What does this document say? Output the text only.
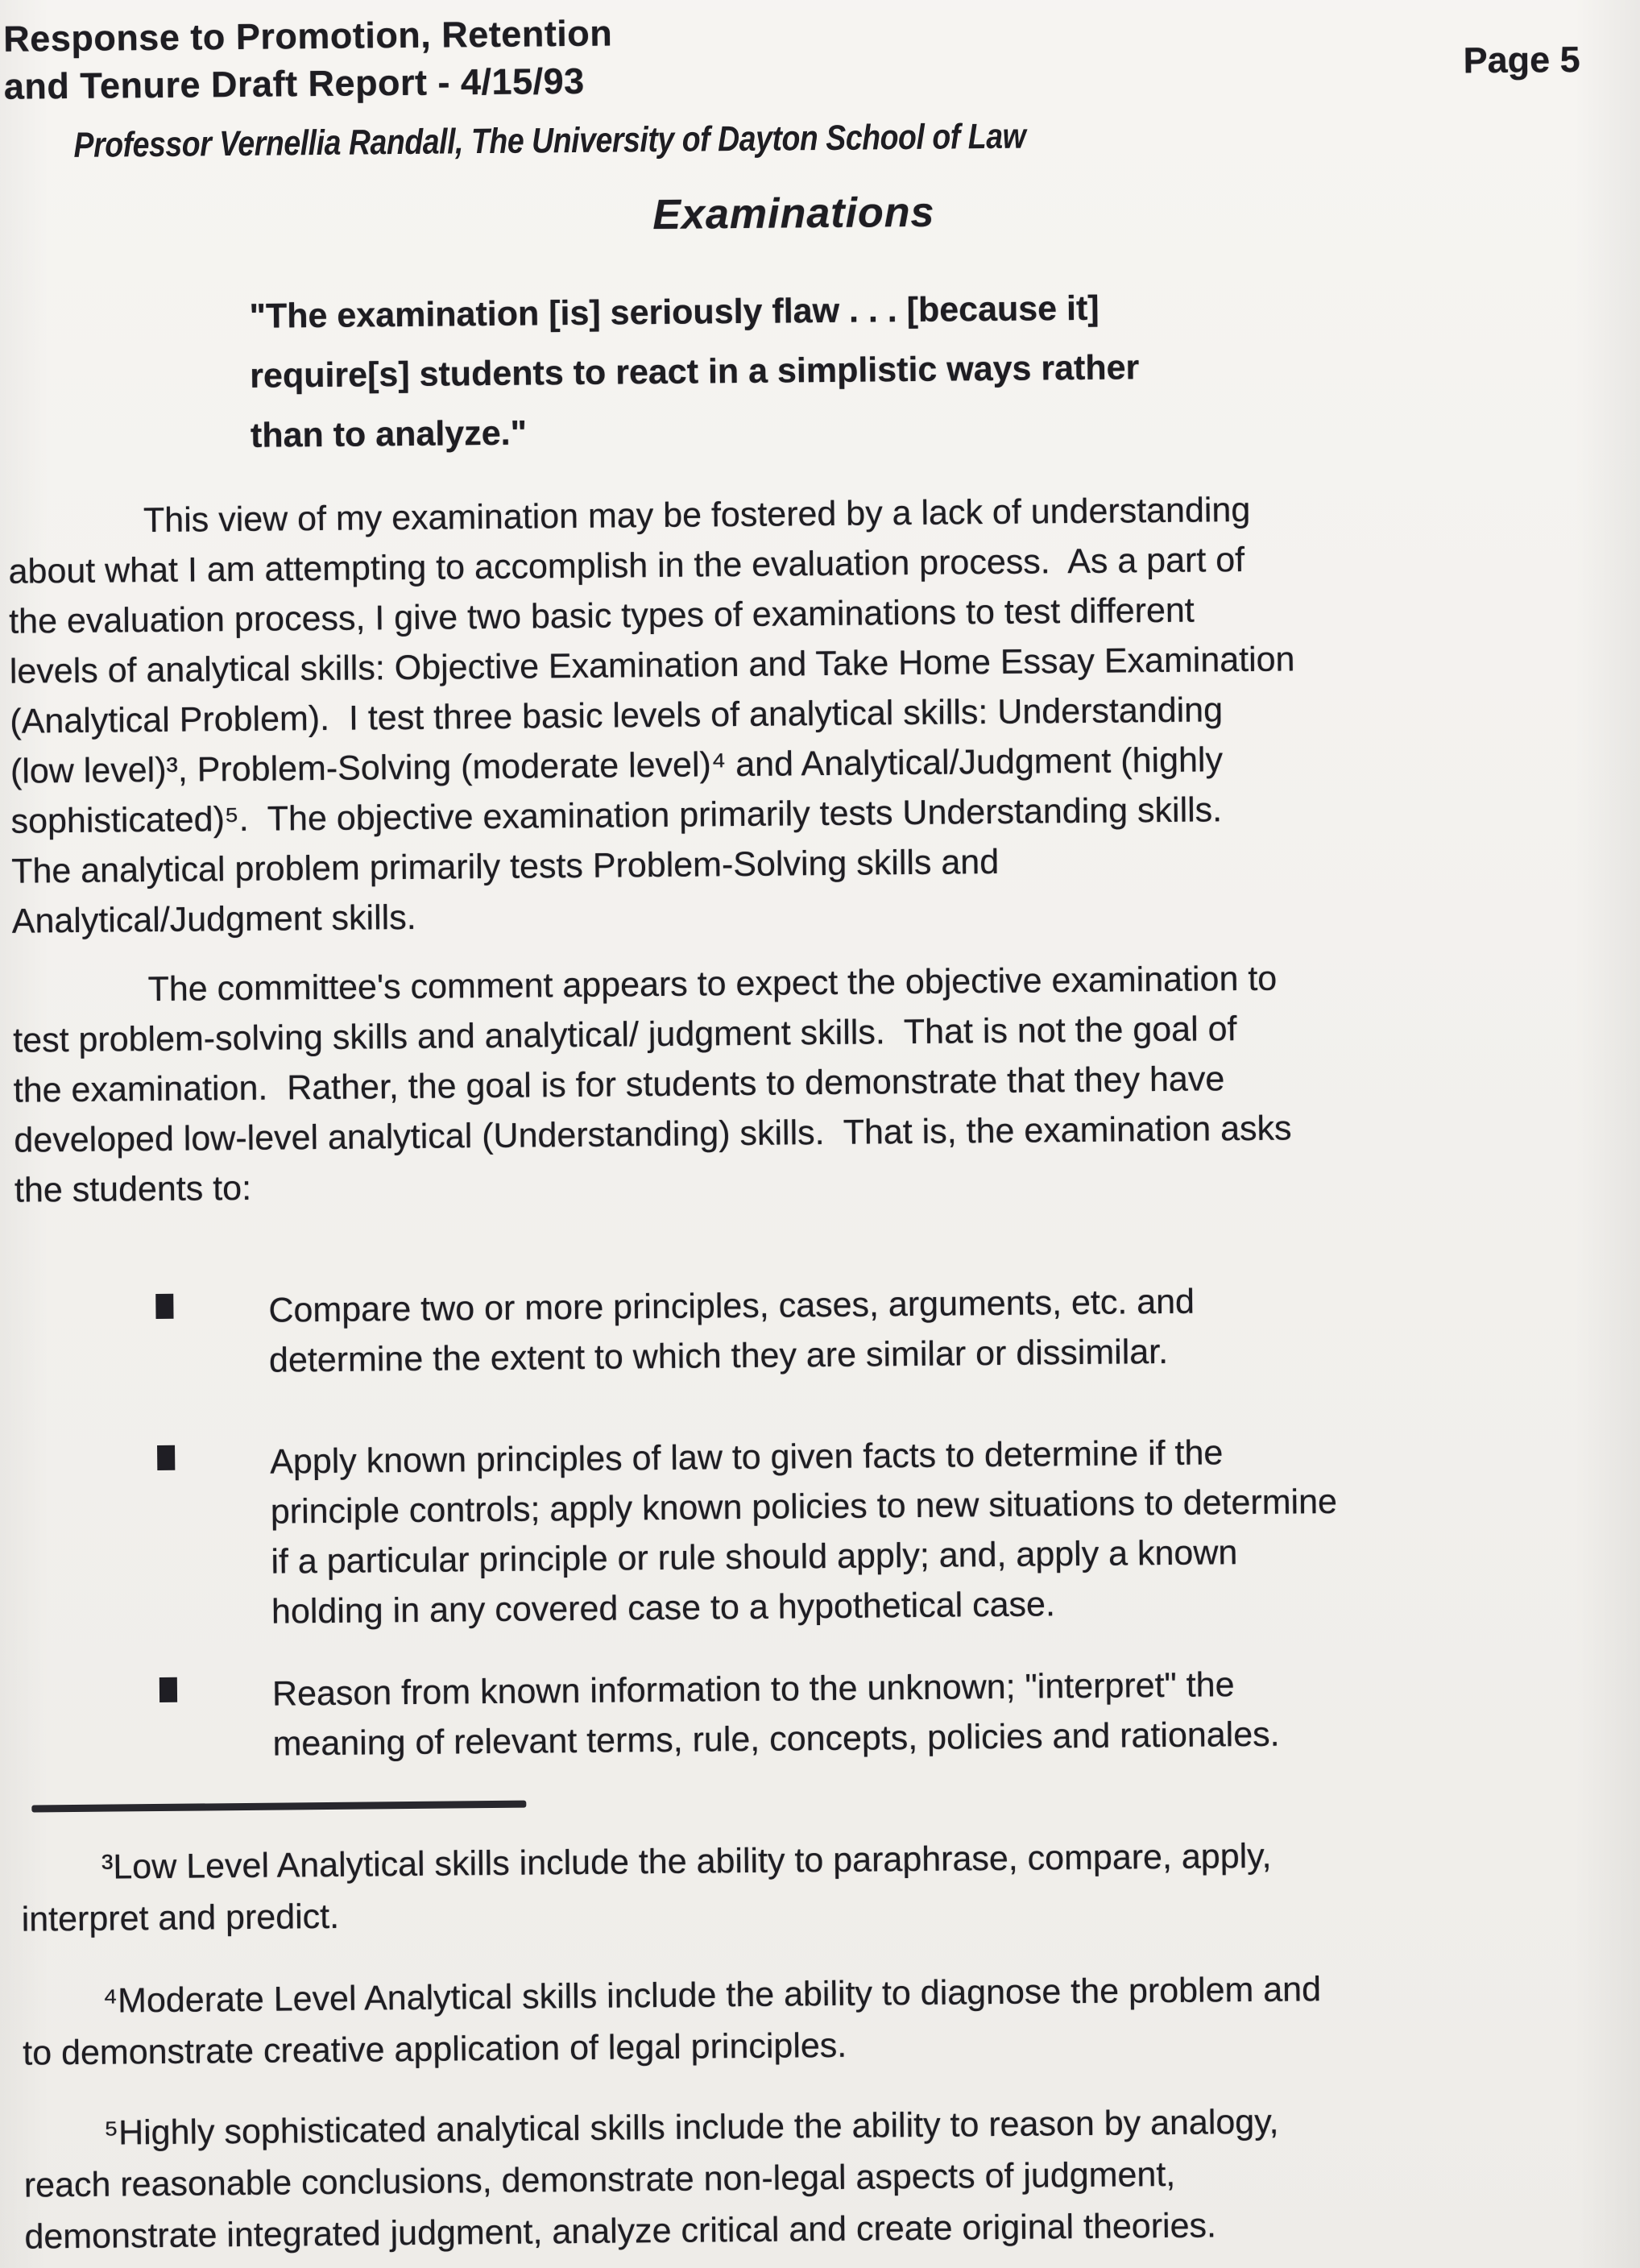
Response to Promotion, Retention
and Tenure Draft Report - 4/15/93
Page 5
Professor Vernellia Randall, The University of Dayton School of Law
Examinations
"The examination [is] seriously flaw . . . [because it]
require[s] students to react in a simplistic ways rather
than to analyze."
This view of my examination may be fostered by a lack of understanding
about what I am attempting to accomplish in the evaluation process.  As a part of
the evaluation process, I give two basic types of examinations to test different
levels of analytical skills: Objective Examination and Take Home Essay Examination
(Analytical Problem).  I test three basic levels of analytical skills: Understanding
(low level)³, Problem-Solving (moderate level)⁴ and Analytical/Judgment (highly
sophisticated)⁵.  The objective examination primarily tests Understanding skills.
The analytical problem primarily tests Problem-Solving skills and
Analytical/Judgment skills.
The committee's comment appears to expect the objective examination to
test problem-solving skills and analytical/ judgment skills.  That is not the goal of
the examination.  Rather, the goal is for students to demonstrate that they have
developed low-level analytical (Understanding) skills.  That is, the examination asks
the students to:
Compare two or more principles, cases, arguments, etc. and
determine the extent to which they are similar or dissimilar.
Apply known principles of law to given facts to determine if the
principle controls; apply known policies to new situations to determine
if a particular principle or rule should apply; and, apply a known
holding in any covered case to a hypothetical case.
Reason from known information to the unknown; "interpret" the
meaning of relevant terms, rule, concepts, policies and rationales.
³Low Level Analytical skills include the ability to paraphrase, compare, apply,
interpret and predict.
⁴Moderate Level Analytical skills include the ability to diagnose the problem and
to demonstrate creative application of legal principles.
⁵Highly sophisticated analytical skills include the ability to reason by analogy,
reach reasonable conclusions, demonstrate non-legal aspects of judgment,
demonstrate integrated judgment, analyze critical and create original theories.
